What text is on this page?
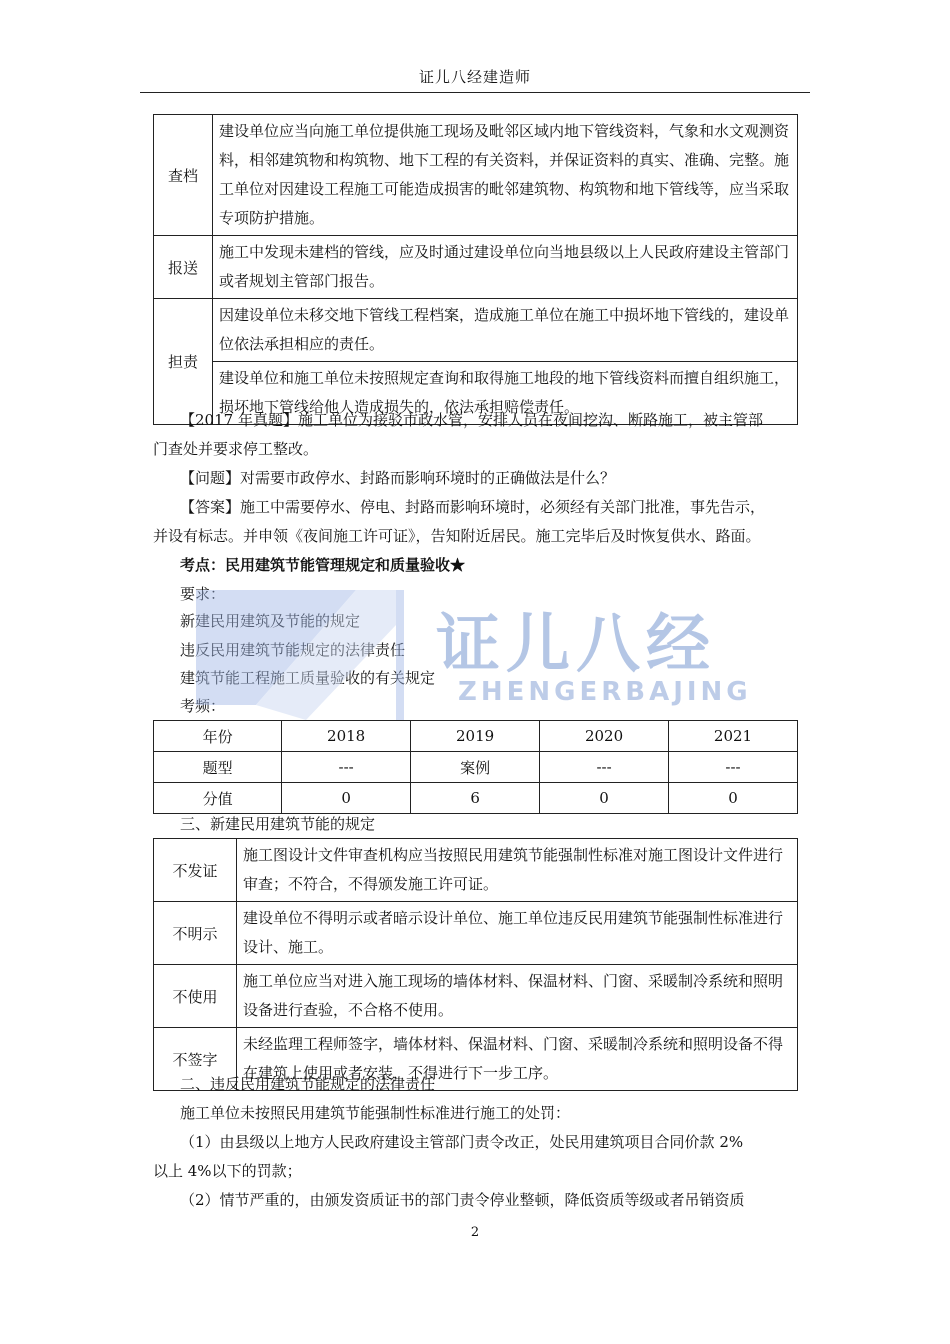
证儿八经建造师
查档	建设单位应当向施工单位提供施工现场及毗邻区域内地下管线资料，气象和水文观测资料，相邻建筑物和构筑物、地下工程的有关资料，并保证资料的真实、准确、完整。施工单位对因建设工程施工可能造成损害的毗邻建筑物、构筑物和地下管线等，应当采取专项防护措施。
报送	施工中发现未建档的管线，应及时通过建设单位向当地县级以上人民政府建设主管部门或者规划主管部门报告。
担责	因建设单位未移交地下管线工程档案，造成施工单位在施工中损坏地下管线的，建设单位依法承担相应的责任。
	建设单位和施工单位未按照规定查询和取得施工地段的地下管线资料而擅自组织施工，损坏地下管线给他人造成损失的，依法承担赔偿责任。
【2017 年真题】施工单位为接驳市政水管，安排人员在夜间挖沟、断路施工，被主管部
门查处并要求停工整改。
【问题】对需要市政停水、封路而影响环境时的正确做法是什么？
【答案】施工中需要停水、停电、封路而影响环境时，必须经有关部门批准，事先告示，
并设有标志。并申领《夜间施工许可证》，告知附近居民。施工完毕后及时恢复供水、路面。
考点：民用建筑节能管理规定和质量验收★
要求：
新建民用建筑及节能的规定
违反民用建筑节能规定的法律责任
建筑节能工程施工质量验收的有关规定
考频：
证儿八经
ZHENGERBAJING
年份	2018	2019	2020	2021
题型	---	案例	---	---
分值	0	6	0	0
三、新建民用建筑节能的规定
不发证	施工图设计文件审查机构应当按照民用建筑节能强制性标准对施工图设计文件进行审查；不符合，不得颁发施工许可证。
不明示	建设单位不得明示或者暗示设计单位、施工单位违反民用建筑节能强制性标准进行设计、施工。
不使用	施工单位应当对进入施工现场的墙体材料、保温材料、门窗、采暖制冷系统和照明设备进行查验，不合格不使用。
不签字	未经监理工程师签字，墙体材料、保温材料、门窗、采暖制冷系统和照明设备不得在建筑上使用或者安装，不得进行下一步工序。
二、违反民用建筑节能规定的法律责任
施工单位未按照民用建筑节能强制性标准进行施工的处罚：
（1）由县级以上地方人民政府建设主管部门责令改正，处民用建筑项目合同价款 2%
以上 4%以下的罚款；
（2）情节严重的，由颁发资质证书的部门责令停业整顿，降低资质等级或者吊销资质
2
